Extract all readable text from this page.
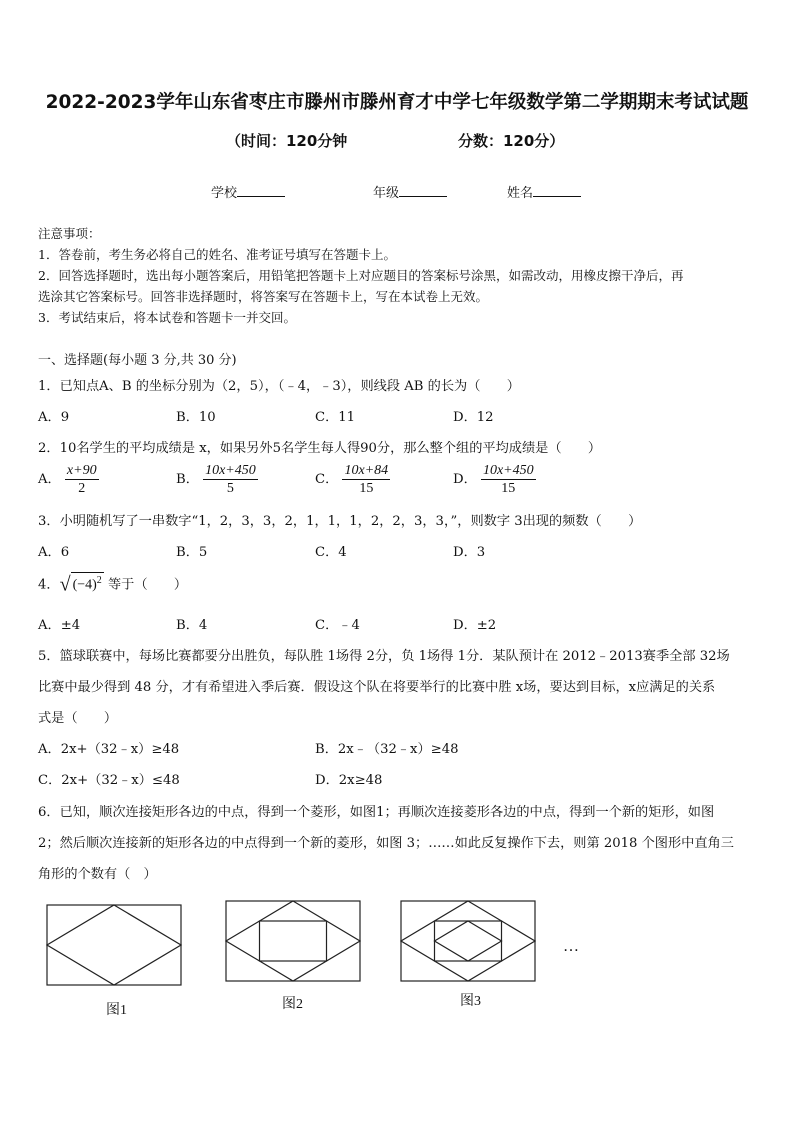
2022-2023学年山东省枣庄市滕州市滕州育才中学七年级数学第二学期期末考试试题
（时间：120分钟	分数：120分）
学校	年级	姓名
注意事项：
1．答卷前，考生务必将自己的姓名、准考证号填写在答题卡上。
2．回答选择题时，选出每小题答案后，用铅笔把答题卡上对应题目的答案标号涂黑，如需改动，用橡皮擦干净后，再
选涂其它答案标号。回答非选择题时，将答案写在答题卡上，写在本试卷上无效。
3．考试结束后，将本试卷和答题卡一并交回。
一、选择题(每小题 3 分,共 30 分)
1．已知点A、B 的坐标分别为（2，5），（﹣4，﹣3），则线段 AB 的长为（　　）
A．9	B．10	C．11	D．12
2．10名学生的平均成绩是 x，如果另外5名学生每人得90分，那么整个组的平均成绩是（　　）
A． $\frac{x+90}{2}$	B． $\frac{10x+450}{5}$	C． $\frac{10x+84}{15}$	D． $\frac{10x+450}{15}$
3．小明随机写了一串数字“1，2，3，3，2，1，1，1，2，2，3，3，”，则数字 3出现的频数（　　）
A．6	B．5	C．4	D．3
4．√ $(-4)^2$ 等于（　　）
A．±4	B．4	C．﹣4	D．±2
5．篮球联赛中，每场比赛都要分出胜负，每队胜 1场得 2分，负 1场得 1分．某队预计在 2012﹣2013赛季全部 32场
比赛中最少得到 48 分，才有希望进入季后赛．假设这个队在将要举行的比赛中胜 x场，要达到目标，x应满足的关系
式是（　　）
A．2x+（32﹣x）≥48	B．2x﹣（32﹣x）≥48
C．2x+（32﹣x）≤48	D．2x≥48
6．已知，顺次连接矩形各边的中点，得到一个菱形，如图1；再顺次连接菱形各边的中点，得到一个新的矩形，如图
2；然后顺次连接新的矩形各边的中点得到一个新的菱形，如图 3；……如此反复操作下去，则第 2018 个图形中直角三
角形的个数有（　）
图1	图2	图3
…
